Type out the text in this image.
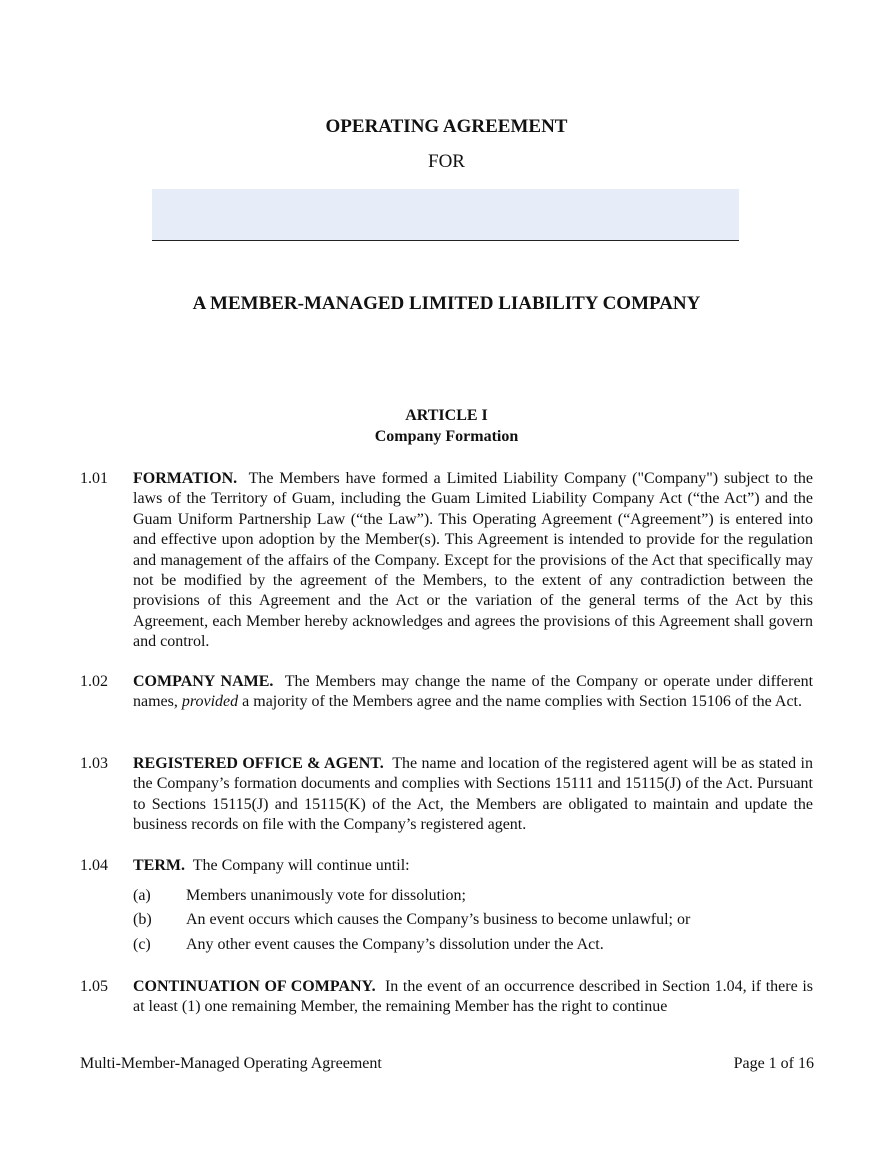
OPERATING AGREEMENT
FOR
A MEMBER-MANAGED LIMITED LIABILITY COMPANY
ARTICLE I
Company Formation
1.01	FORMATION. The Members have formed a Limited Liability Company ("Company") subject to the laws of the Territory of Guam, including the Guam Limited Liability Company Act (“the Act”) and the Guam Uniform Partnership Law (“the Law”). This Operating Agreement (“Agreement”) is entered into and effective upon adoption by the Member(s). This Agreement is intended to provide for the regulation and management of the affairs of the Company. Except for the provisions of the Act that specifically may not be modified by the agreement of the Members, to the extent of any contradiction between the provisions of this Agreement and the Act or the variation of the general terms of the Act by this Agreement, each Member hereby acknowledges and agrees the provisions of this Agreement shall govern and control.
1.02	COMPANY NAME. The Members may change the name of the Company or operate under different names, provided a majority of the Members agree and the name complies with Section 15106 of the Act.
1.03	REGISTERED OFFICE & AGENT. The name and location of the registered agent will be as stated in the Company’s formation documents and complies with Sections 15111 and 15115(J) of the Act. Pursuant to Sections 15115(J) and 15115(K) of the Act, the Members are obligated to maintain and update the business records on file with the Company’s registered agent.
1.04	TERM. The Company will continue until:
(a) Members unanimously vote for dissolution;
(b) An event occurs which causes the Company’s business to become unlawful; or
(c) Any other event causes the Company’s dissolution under the Act.
1.05	CONTINUATION OF COMPANY. In the event of an occurrence described in Section 1.04, if there is at least (1) one remaining Member, the remaining Member has the right to continue
Multi-Member-Managed Operating Agreement	Page 1 of 16
